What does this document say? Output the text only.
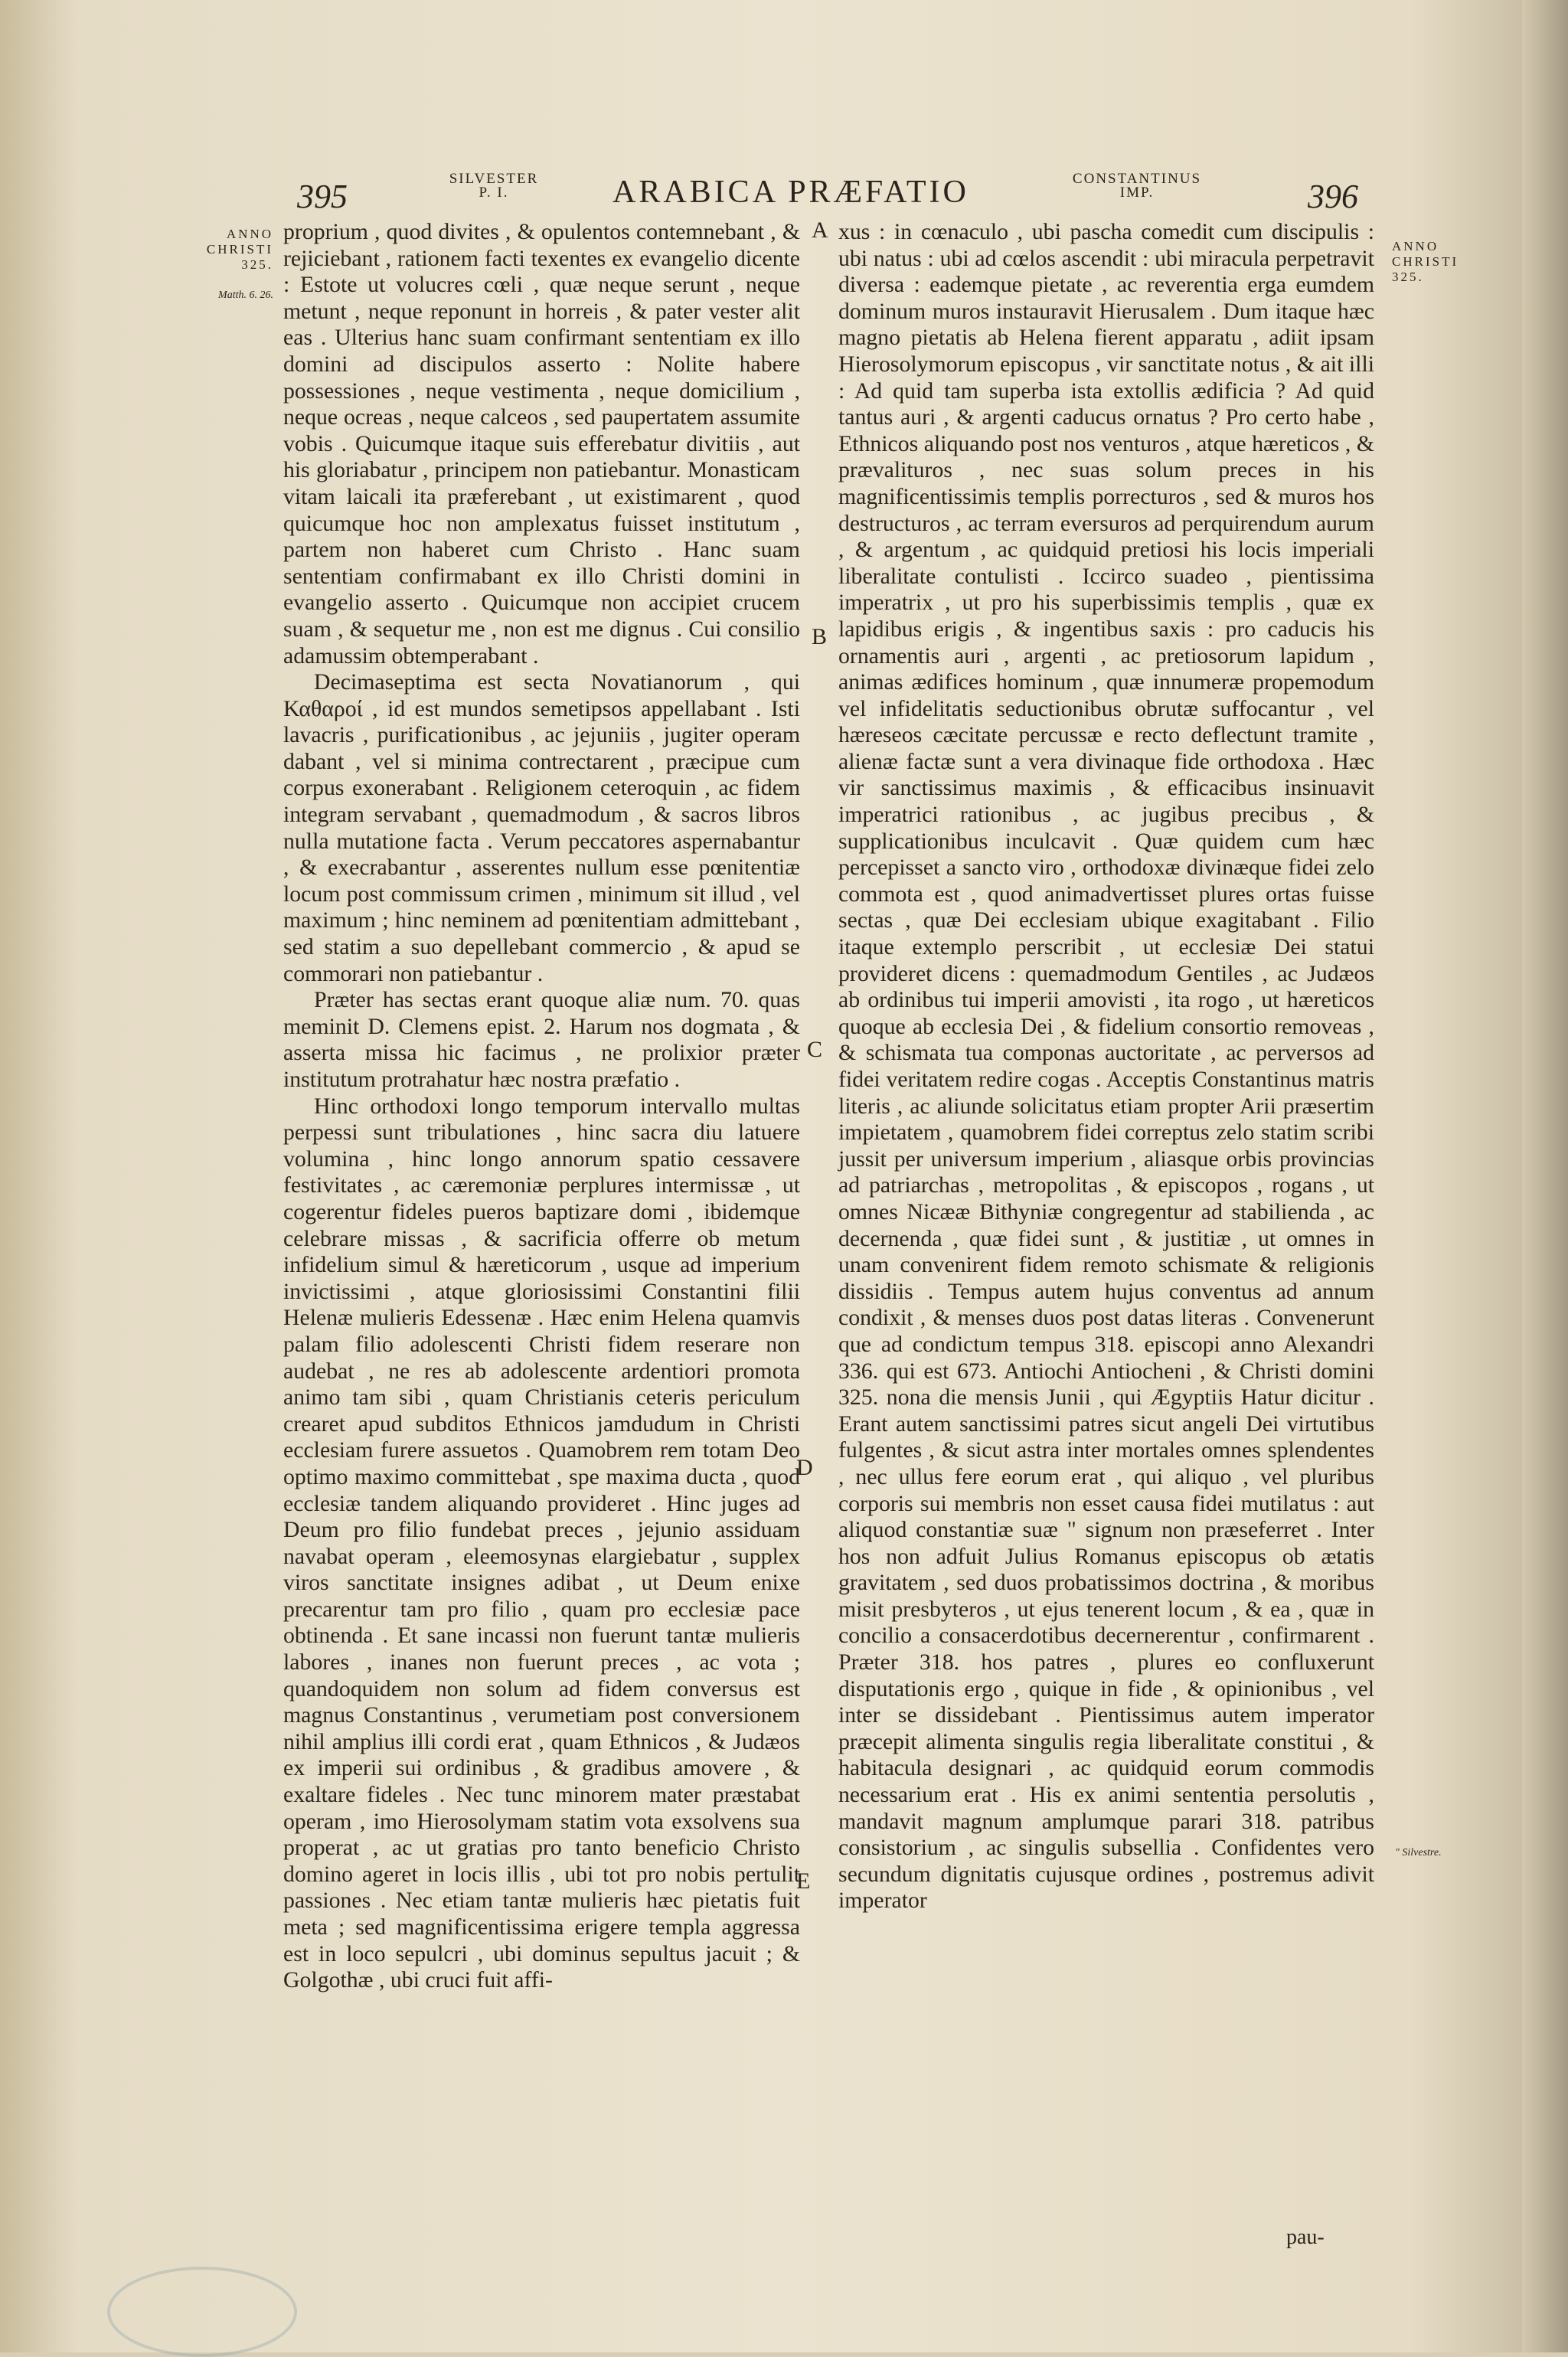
395	SILVESTER
P. I.	ARABICA PRÆFATIO	CONSTANTINUS
IMP.	396
ANNO
CHRISTI
325.
Matth. 6. 26.
ANNO
CHRISTI
325.
" Silvestre.
A
B
C
D
E

proprium , quod divites , & opulentos contemnebant , & rejiciebant , rationem facti texentes ex evangelio dicente : Estote ut volucres cœli , quæ neque serunt , neque metunt , neque reponunt in horreis , & pater vester alit eas . Ulterius hanc suam confirmant sententiam ex illo domini ad discipulos asserto : Nolite habere possessiones , neque vestimenta , neque domicilium , neque ocreas , neque calceos , sed paupertatem assumite vobis . Quicumque itaque suis efferebatur divitiis , aut his gloriabatur , principem non patiebantur. Monasticam vitam laicali ita præferebant , ut existimarent , quod quicumque hoc non amplexatus fuisset institutum , partem non haberet cum Christo . Hanc suam sententiam confirmabant ex illo Christi domini in evangelio asserto . Quicumque non accipiet crucem suam , & sequetur me , non est me dignus . Cui consilio adamussim obtemperabant .

Decimaseptima est secta Novatianorum , qui Καθαροί , id est mundos semetipsos appellabant . Isti lavacris , purificationibus , ac jejuniis , jugiter operam dabant , vel si minima contrectarent , præcipue cum corpus exonerabant . Religionem ceteroquin , ac fidem integram servabant , quemadmodum , & sacros libros nulla mutatione facta . Verum peccatores aspernabantur , & execrabantur , asserentes nullum esse pœnitentiæ locum post commissum crimen , minimum sit illud , vel maximum ; hinc neminem ad pœnitentiam admittebant , sed statim a suo depellebant commercio , & apud se commorari non patiebantur .

Præter has sectas erant quoque aliæ num. 70. quas meminit D. Clemens epist. 2. Harum nos dogmata , & asserta missa hic facimus , ne prolixior præter institutum protrahatur hæc nostra præfatio .

Hinc orthodoxi longo temporum intervallo multas perpessi sunt tribulationes , hinc sacra diu latuere volumina , hinc longo annorum spatio cessavere festivitates , ac cæremoniæ perplures intermissæ , ut cogerentur fideles pueros baptizare domi , ibidemque celebrare missas , & sacrificia offerre ob metum infidelium simul & hæreticorum , usque ad imperium invictissimi , atque gloriosissimi Constantini filii Helenæ mulieris Edessenæ . Hæc enim Helena quamvis palam filio adolescenti Christi fidem reserare non audebat , ne res ab adolescente ardentiori promota animo tam sibi , quam Christianis ceteris periculum crearet apud subditos Ethnicos jamdudum in Christi ecclesiam furere assuetos . Quamobrem rem totam Deo optimo maximo committebat , spe maxima ducta , quod ecclesiæ tandem aliquando provideret . Hinc juges ad Deum pro filio fundebat preces , jejunio assiduam navabat operam , eleemosynas elargiebatur , supplex viros sanctitate insignes adibat , ut Deum enixe precarentur tam pro filio , quam pro ecclesiæ pace obtinenda . Et sane incassi non fuerunt tantæ mulieris labores , inanes non fuerunt preces , ac vota ; quandoquidem non solum ad fidem conversus est magnus Constantinus , verumetiam post conversionem nihil amplius illi cordi erat , quam Ethnicos , & Judæos ex imperii sui ordinibus , & gradibus amovere , & exaltare fideles . Nec tunc minorem mater præstabat operam , imo Hierosolymam statim vota exsolvens sua properat , ac ut gratias pro tanto beneficio Christo domino ageret in locis illis , ubi tot pro nobis pertulit passiones . Nec etiam tantæ mulieris hæc pietatis fuit meta ; sed magnificentissima erigere templa aggressa est in loco sepulcri , ubi dominus sepultus jacuit ; & Golgothæ , ubi cruci fuit affi-

xus : in cœnaculo , ubi pascha comedit cum discipulis : ubi natus : ubi ad cœlos ascendit : ubi miracula perpetravit diversa : eademque pietate , ac reverentia erga eumdem dominum muros instauravit Hierusalem . Dum itaque hæc magno pietatis ab Helena fierent apparatu , adiit ipsam Hierosolymorum episcopus , vir sanctitate notus , & ait illi : Ad quid tam superba ista extollis ædificia ? Ad quid tantus auri , & argenti caducus ornatus ? Pro certo habe , Ethnicos aliquando post nos venturos , atque hæreticos , & prævalituros , nec suas solum preces in his magnificentissimis templis porrecturos , sed & muros hos destructuros , ac terram eversuros ad perquirendum aurum , & argentum , ac quidquid pretiosi his locis imperiali liberalitate contulisti . Iccirco suadeo , pientissima imperatrix , ut pro his superbissimis templis , quæ ex lapidibus erigis , & ingentibus saxis : pro caducis his ornamentis auri , argenti , ac pretiosorum lapidum , animas ædifices hominum , quæ innumeræ propemodum vel infidelitatis seductionibus obrutæ suffocantur , vel hæreseos cæcitate percussæ e recto deflectunt tramite , alienæ factæ sunt a vera divinaque fide orthodoxa . Hæc vir sanctissimus maximis , & efficacibus insinuavit imperatrici rationibus , ac jugibus precibus , & supplicationibus inculcavit . Quæ quidem cum hæc percepisset a sancto viro , orthodoxæ divinæque fidei zelo commota est , quod animadvertisset plures ortas fuisse sectas , quæ Dei ecclesiam ubique exagitabant . Filio itaque extemplo perscribit , ut ecclesiæ Dei statui provideret dicens : quemadmodum Gentiles , ac Judæos ab ordinibus tui imperii amovisti , ita rogo , ut hæreticos quoque ab ecclesia Dei , & fidelium consortio removeas , & schismata tua componas auctoritate , ac perversos ad fidei veritatem redire cogas . Acceptis Constantinus matris literis , ac aliunde solicitatus etiam propter Arii præsertim impietatem , quamobrem fidei correptus zelo statim scribi jussit per universum imperium , aliasque orbis provincias ad patriarchas , metropolitas , & episcopos , rogans , ut omnes Nicææ Bithyniæ congregentur ad stabilienda , ac decernenda , quæ fidei sunt , & justitiæ , ut omnes in unam convenirent fidem remoto schismate & religionis dissidiis . Tempus autem hujus conventus ad annum condixit , & menses duos post datas literas . Convenerunt que ad condictum tempus 318. episcopi anno Alexandri 336. qui est 673. Antiochi Antiocheni , & Christi domini 325. nona die mensis Junii , qui Ægyptiis Hatur dicitur . Erant autem sanctissimi patres sicut angeli Dei virtutibus fulgentes , & sicut astra inter mortales omnes splendentes , nec ullus fere eorum erat , qui aliquo , vel pluribus corporis sui membris non esset causa fidei mutilatus : aut aliquod constantiæ suæ " signum non præseferret . Inter hos non adfuit Julius Romanus episcopus ob ætatis gravitatem , sed duos probatissimos doctrina , & moribus misit presbyteros , ut ejus tenerent locum , & ea , quæ in concilio a consacerdotibus decernerentur , confirmarent . Præter 318. hos patres , plures eo confluxerunt disputationis ergo , quique in fide , & opinionibus , vel inter se dissidebant . Pientissimus autem imperator præcepit alimenta singulis regia liberalitate constitui , & habitacula designari , ac quidquid eorum commodis necessarium erat . His ex animi sententia persolutis , mandavit magnum amplumque parari 318. patribus consistorium , ac singulis subsellia . Confidentes vero secundum dignitatis cujusque ordines , postremus adivit imperator

pau-
